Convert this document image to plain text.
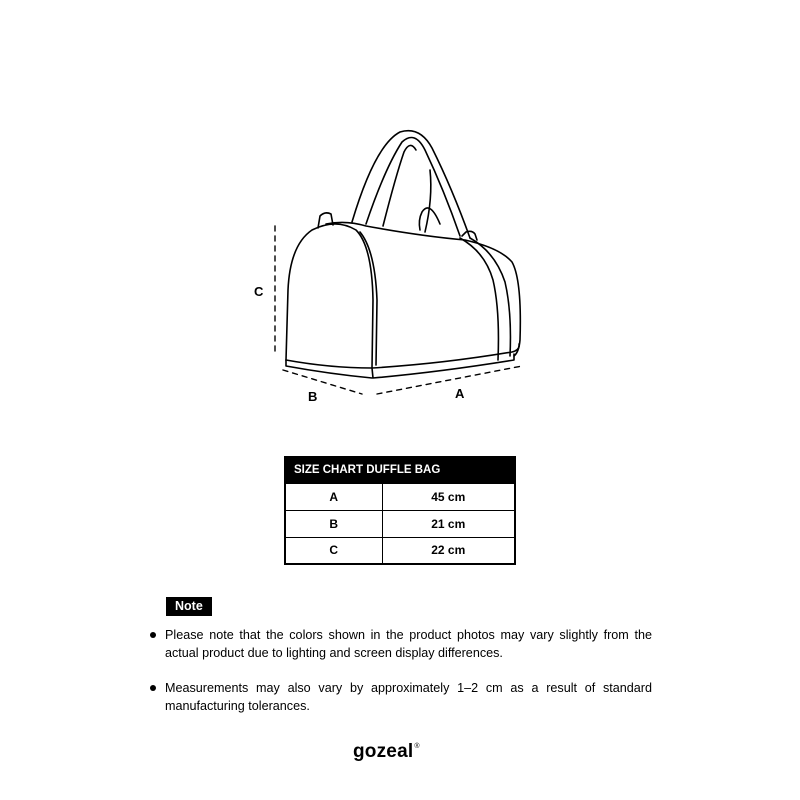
C
B	A
SIZE CHART DUFFLE BAG	
A	45 cm
B	21 cm
C	22 cm
Note
Please note that the colors shown in the product photos may vary slightly from the actual product due to lighting and screen display differences.
Measurements may also vary by approximately 1–2 cm as a result of standard manufacturing tolerances.
gozeal®
